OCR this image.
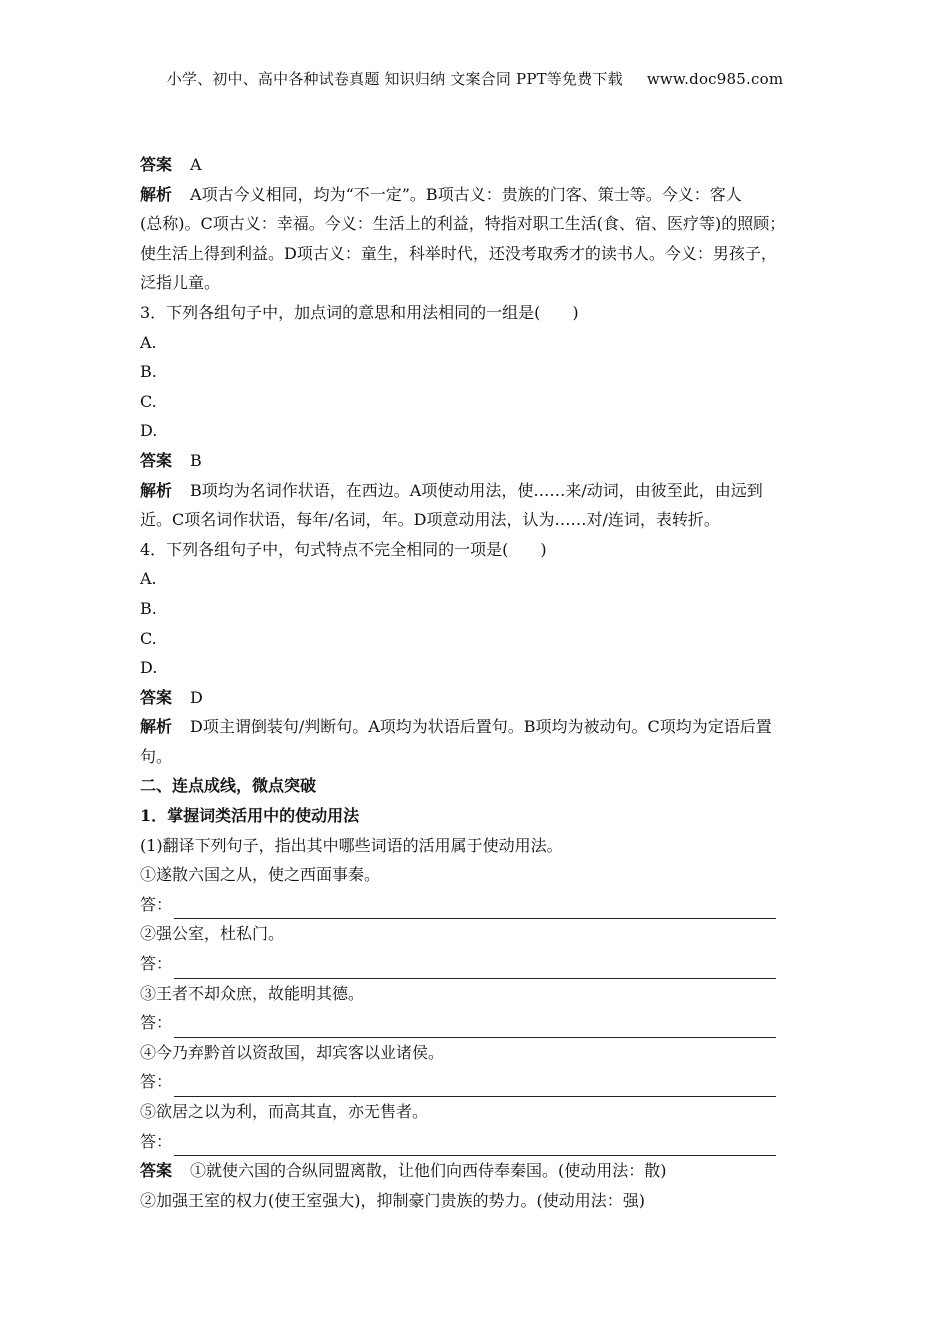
小学、初中、高中各种试卷真题 知识归纳 文案合同 PPT等免费下载 www.doc985.com
答案 A
解析 A项古今义相同，均为“不一定”。B项古义：贵族的门客、策士等。今义：客人
(总称)。C项古义：幸福。今义：生活上的利益，特指对职工生活(食、宿、医疗等)的照顾；
使生活上得到利益。D项古义：童生，科举时代，还没考取秀才的读书人。今义：男孩子，
泛指儿童。
3．下列各组句子中，加点词的意思和用法相同的一组是(　　)
A.
B.
C.
D.
答案 B
解析 B项均为名词作状语，在西边。A项使动用法，使……来/动词，由彼至此，由远到
近。C项名词作状语，每年/名词，年。D项意动用法，认为……对/连词，表转折。
4．下列各组句子中，句式特点不完全相同的一项是(　　)
A.
B.
C.
D.
答案 D
解析 D项主谓倒装句/判断句。A项均为状语后置句。B项均为被动句。C项均为定语后置
句。
二、连点成线，微点突破
1．掌握词类活用中的使动用法
(1)翻译下列句子，指出其中哪些词语的活用属于使动用法。
①遂散六国之从，使之西面事秦。
答：
②强公室，杜私门。
答：
③王者不却众庶，故能明其德。
答：
④今乃弃黔首以资敌国，却宾客以业诸侯。
答：
⑤欲居之以为利，而高其直，亦无售者。
答：
答案 ①就使六国的合纵同盟离散，让他们向西侍奉秦国。(使动用法：散)
②加强王室的权力(使王室强大)，抑制豪门贵族的势力。(使动用法：强)
